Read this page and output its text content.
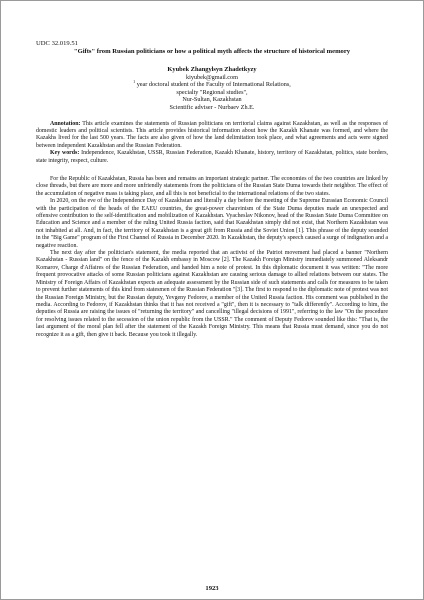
UDC 32.019.51
"Gifts" from Russian politicians or how a political myth affects the structure of historical memory
Kyubek Zhangylsyn Zhadetkyzy
kiyubek@gmail.com
$^1$ year doctoral student of the Faculty of International Relations,
specialty "Regional studies",
Nur-Sultan, Kazakhstan
Scientific adviser - Nurbaev Zh.E.
Annotation: This article examines the statements of Russian politicians on territorial claims against Kazakhstan, as well as the responses of domestic leaders and political scientists. This article provides historical information about how the Kazakh Khanate was formed, and where the Kazakhs lived for the last 500 years. The facts are also given of how the land delimitation took place, and what agreements and acts were signed between independent Kazakhstan and the Russian Federation.
Key words: Independence, Kazakhstan, USSR, Russian Federation, Kazakh Khanate, history, territory of Kazakhstan, politics, state borders, state integrity, respect, culture.

For the Republic of Kazakhstan, Russia has been and remains an important strategic partner. The economies of the two countries are linked by close threads, but there are more and more unfriendly statements from the politicians of the Russian State Duma towards their neighbor. The effect of the accumulation of negative mass is taking place, and all this is not beneficial to the international relations of the two states.

In 2020, on the eve of the Independence Day of Kazakhstan and literally a day before the meeting of the Supreme Eurasian Economic Council with the participation of the heads of the EAEU countries, the great-power chauvinism of the State Duma deputies made an unexpected and offensive contribution to the self-identification and mobilization of Kazakhstan. Vyacheslav Nikonov, head of the Russian State Duma Committee on Education and Science and a member of the ruling United Russia faction, said that Kazakhstan simply did not exist, that Northern Kazakhstan was not inhabited at all. And, in fact, the territory of Kazakhstan is a great gift from Russia and the Soviet Union [1]. This phrase of the deputy sounded in the "Big Game" program of the First Channel of Russia in December 2020. In Kazakhstan, the deputy's speech caused a surge of indignation and a negative reaction.

The next day after the politician's statement, the media reported that an activist of the Patriot movement had placed a banner "Northern Kazakhstan - Russian land" on the fence of the Kazakh embassy in Moscow [2]. The Kazakh Foreign Ministry immediately summoned Aleksandr Komarov, Charge d'Affaires of the Russian Federation, and handed him a note of protest. In this diplomatic document it was written: "The more frequent provocative attacks of some Russian politicians against Kazakhstan are causing serious damage to allied relations between our states. The Ministry of Foreign Affairs of Kazakhstan expects an adequate assessment by the Russian side of such statements and calls for measures to be taken to prevent further statements of this kind from statesmen of the Russian Federation "[3]. The first to respond to the diplomatic note of protest was not the Russian Foreign Ministry, but the Russian deputy, Yevgeny Fedorov, a member of the United Russia faction. His comment was published in the media. According to Fedorov, if Kazakhstan thinks that it has not received a "gift", then it is necessary to "talk differently". According to him, the deputies of Russia are raising the issues of "returning the territory" and cancelling "illegal decisions of 1991", referring to the law "On the procedure for resolving issues related to the secession of the union republic from the USSR." The comment of Deputy Fedorov sounded like this: "That is, the last argument of the moral plan fell after the statement of the Kazakh Foreign Ministry. This means that Russia must demand, since you do not recognize it as a gift, then give it back. Because you took it illegally.

1923
